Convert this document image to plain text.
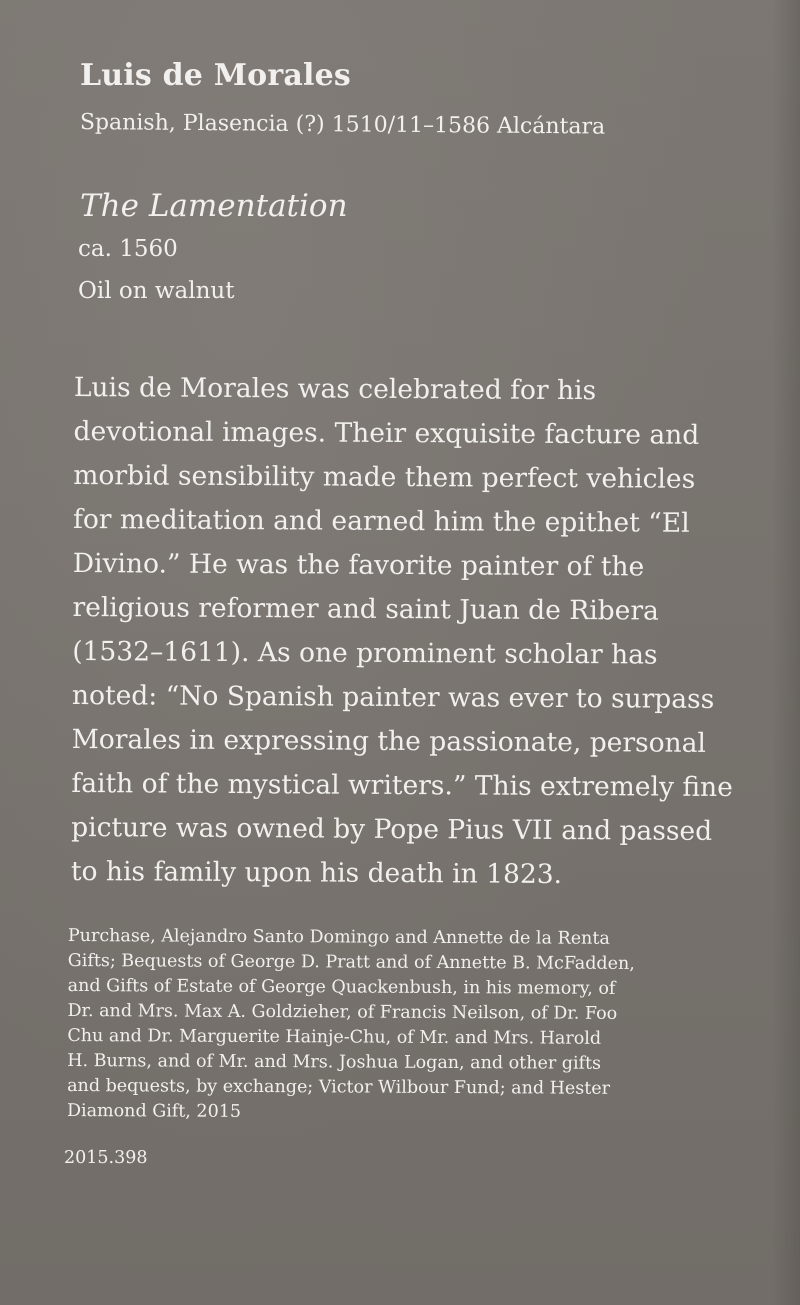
Luis de Morales
Spanish, Plasencia (?) 1510/11–1586 Alcántara
The Lamentation
ca. 1560
Oil on walnut
Luis de Morales was celebrated for his
devotional images. Their exquisite facture and
morbid sensibility made them perfect vehicles
for meditation and earned him the epithet “El
Divino.” He was the favorite painter of the
religious reformer and saint Juan de Ribera
(1532–1611). As one prominent scholar has
noted: “No Spanish painter was ever to surpass
Morales in expressing the passionate, personal
faith of the mystical writers.” This extremely fine
picture was owned by Pope Pius VII and passed
to his family upon his death in 1823.
Purchase, Alejandro Santo Domingo and Annette de la Renta
Gifts; Bequests of George D. Pratt and of Annette B. McFadden,
and Gifts of Estate of George Quackenbush, in his memory, of
Dr. and Mrs. Max A. Goldzieher, of Francis Neilson, of Dr. Foo
Chu and Dr. Marguerite Hainje-Chu, of Mr. and Mrs. Harold
H. Burns, and of Mr. and Mrs. Joshua Logan, and other gifts
and bequests, by exchange; Victor Wilbour Fund; and Hester
Diamond Gift, 2015
2015.398
